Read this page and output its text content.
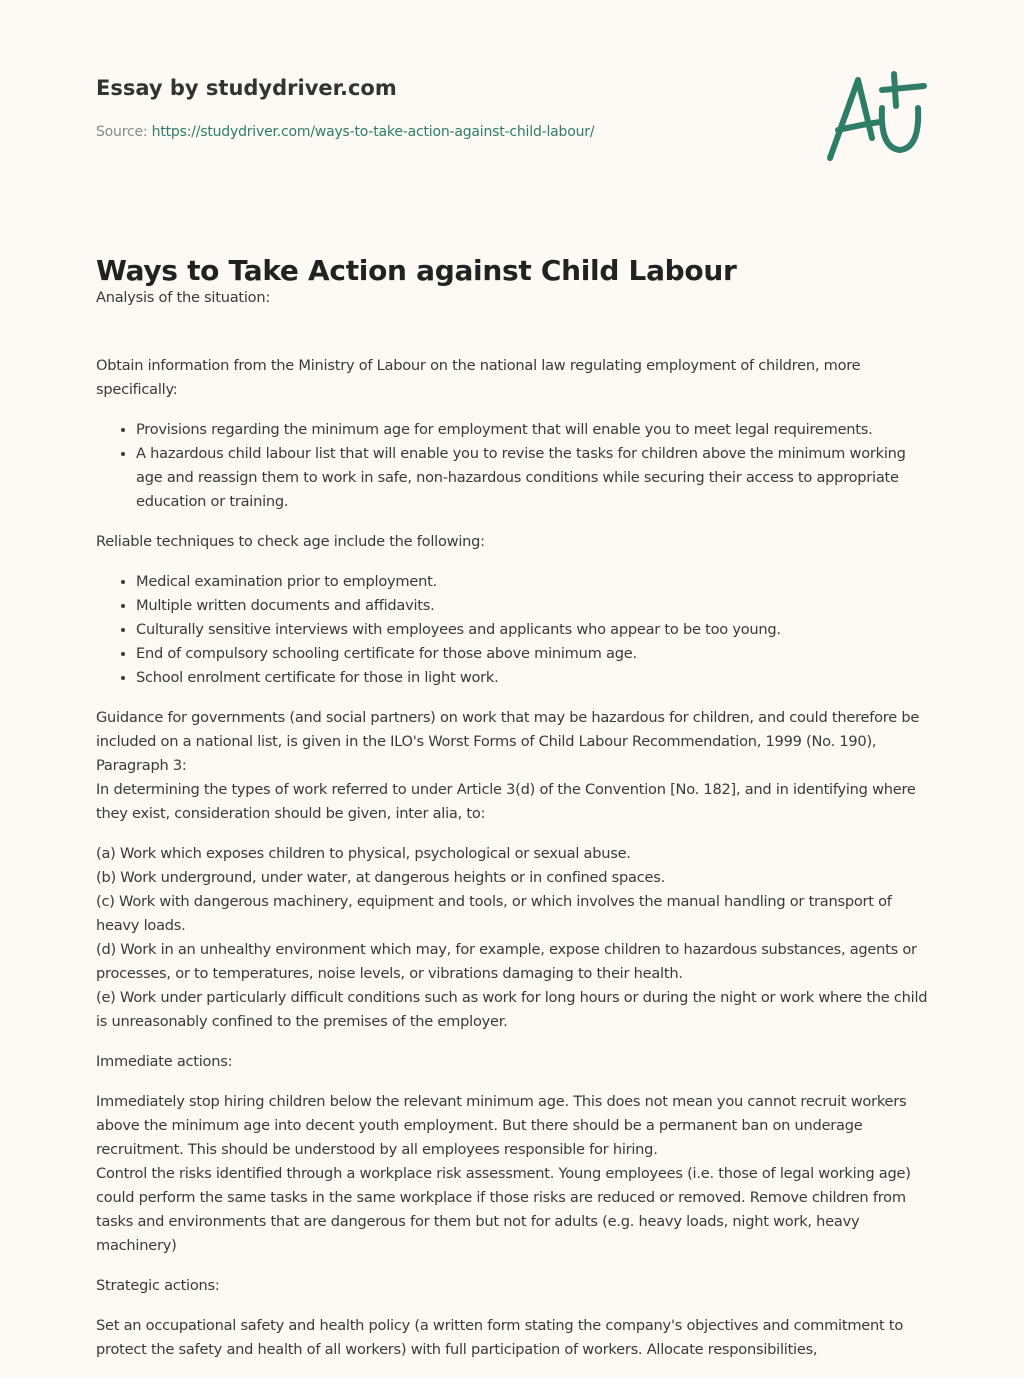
Essay by studydriver.com
Source: https://studydriver.com/ways-to-take-action-against-child-labour/
Ways to Take Action against Child Labour

Analysis of the situation:

Obtain information from the Ministry of Labour on the national law regulating employment of children, more specifically:

• Provisions regarding the minimum age for employment that will enable you to meet legal requirements.
• A hazardous child labour list that will enable you to revise the tasks for children above the minimum working age and reassign them to work in safe, non-hazardous conditions while securing their access to appropriate education or training.

Reliable techniques to check age include the following:

• Medical examination prior to employment.
• Multiple written documents and affidavits.
• Culturally sensitive interviews with employees and applicants who appear to be too young.
• End of compulsory schooling certificate for those above minimum age.
• School enrolment certificate for those in light work.

Guidance for governments (and social partners) on work that may be hazardous for children, and could therefore be included on a national list, is given in the ILO's Worst Forms of Child Labour Recommendation, 1999 (No. 190), Paragraph 3:
In determining the types of work referred to under Article 3(d) of the Convention [No. 182], and in identifying where they exist, consideration should be given, inter alia, to:

(a) Work which exposes children to physical, psychological or sexual abuse.
(b) Work underground, under water, at dangerous heights or in confined spaces.
(c) Work with dangerous machinery, equipment and tools, or which involves the manual handling or transport of heavy loads.
(d) Work in an unhealthy environment which may, for example, expose children to hazardous substances, agents or processes, or to temperatures, noise levels, or vibrations damaging to their health.
(e) Work under particularly difficult conditions such as work for long hours or during the night or work where the child is unreasonably confined to the premises of the employer.

Immediate actions:

Immediately stop hiring children below the relevant minimum age. This does not mean you cannot recruit workers above the minimum age into decent youth employment. But there should be a permanent ban on underage recruitment. This should be understood by all employees responsible for hiring.
Control the risks identified through a workplace risk assessment. Young employees (i.e. those of legal working age) could perform the same tasks in the same workplace if those risks are reduced or removed. Remove children from tasks and environments that are dangerous for them but not for adults (e.g. heavy loads, night work, heavy machinery)

Strategic actions:

Set an occupational safety and health policy (a written form stating the company's objectives and commitment to protect the safety and health of all workers) with full participation of workers. Allocate responsibilities,
